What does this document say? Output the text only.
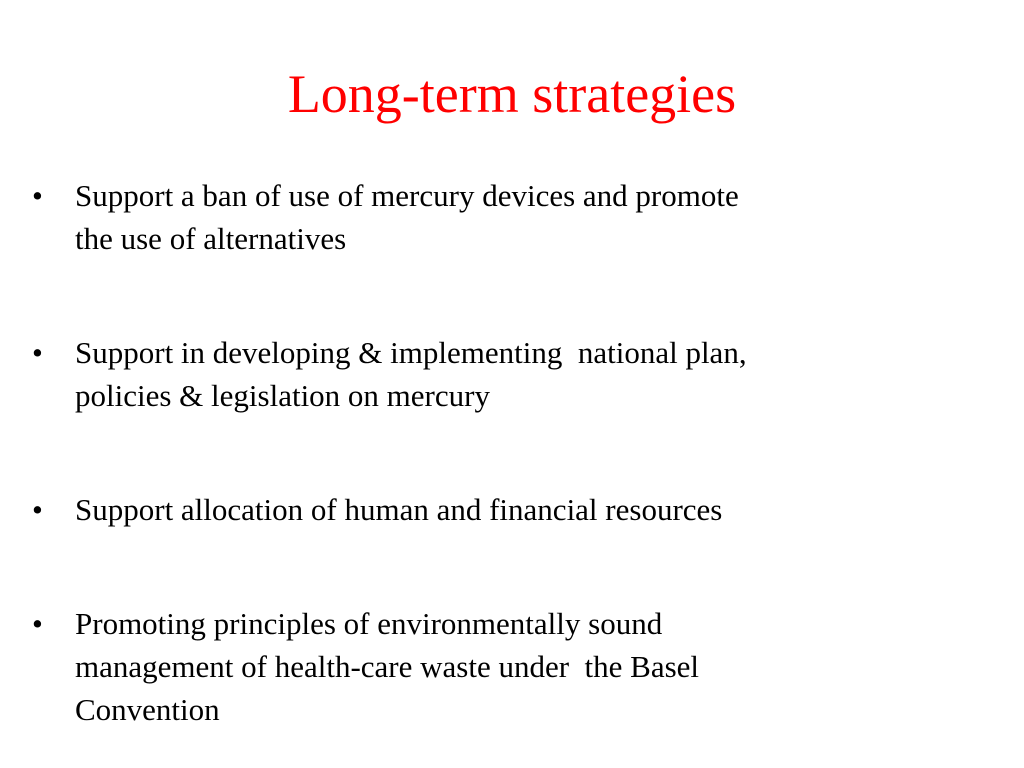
Long-term strategies
• Support a ban of use of mercury devices and promote
the use of alternatives
• Support in developing & implementing  national plan,
policies & legislation on mercury
• Support allocation of human and financial resources
• Promoting principles of environmentally sound
management of health-care waste under  the Basel
Convention
